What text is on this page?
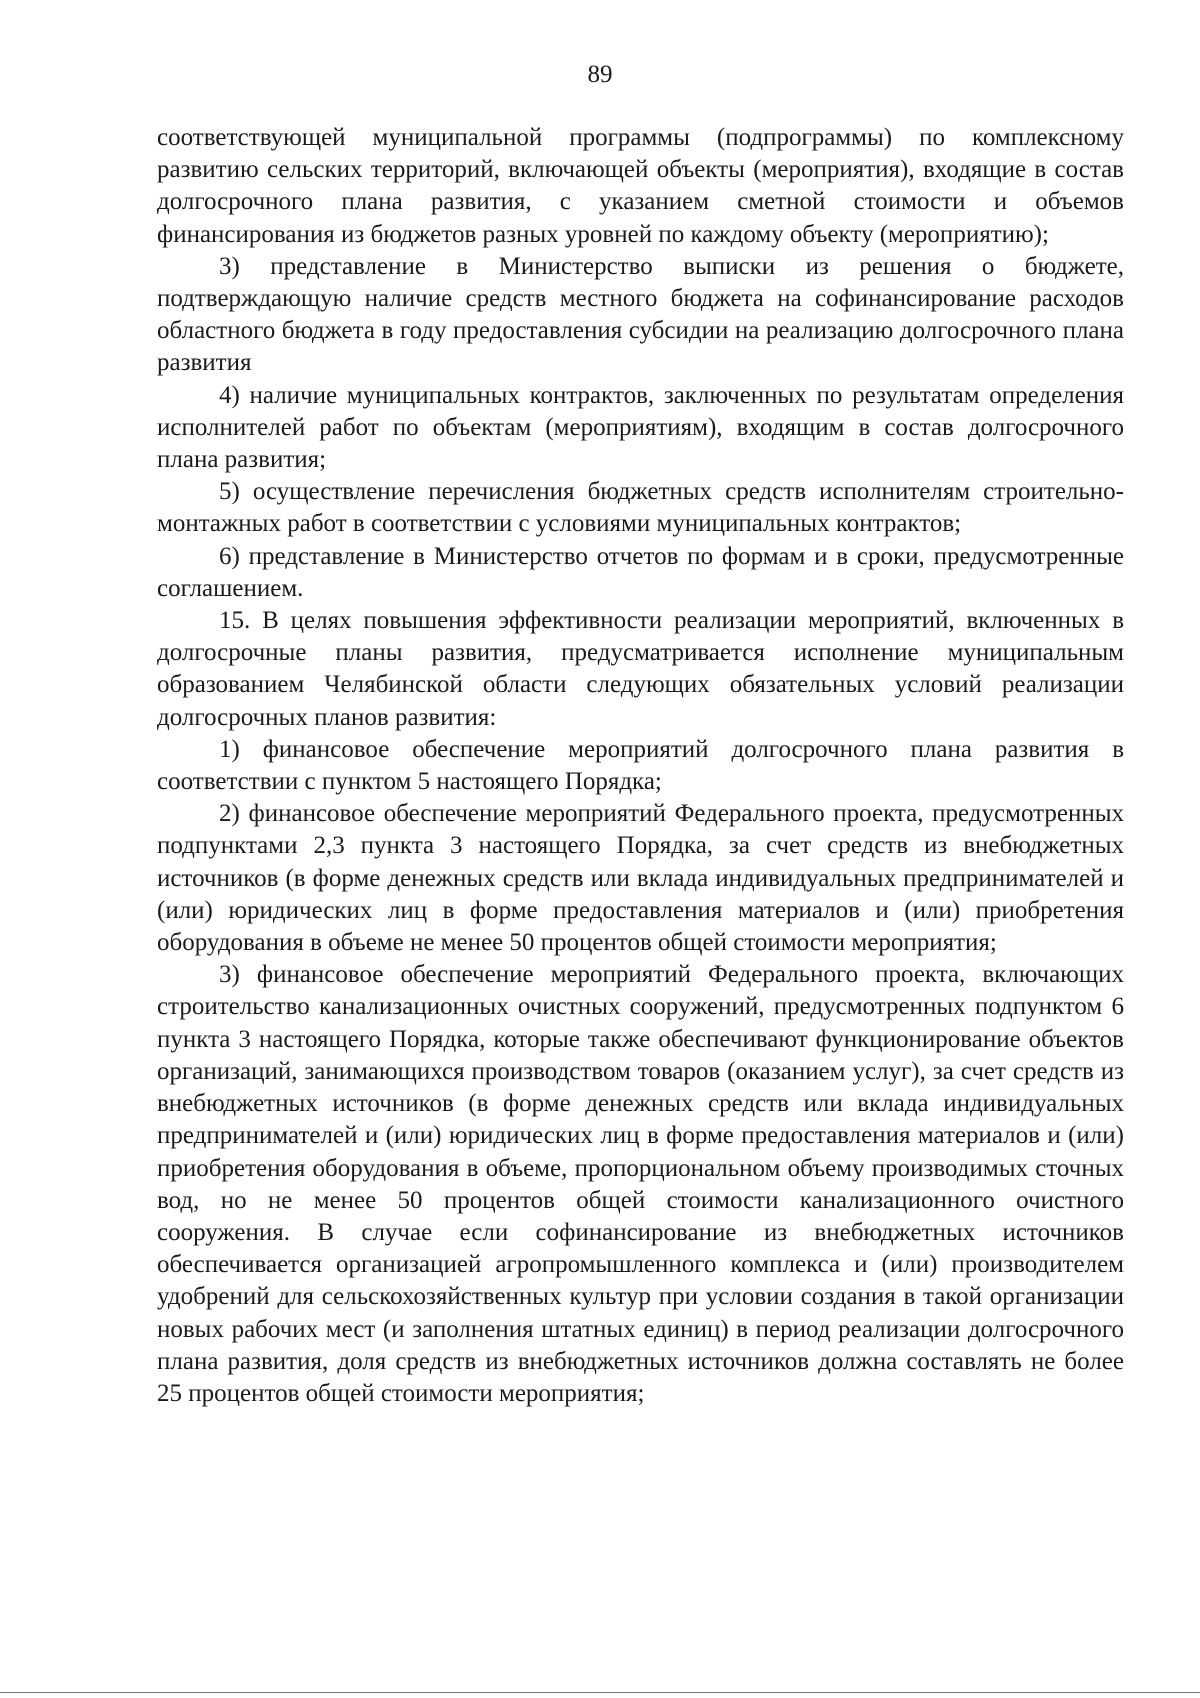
89

соответствующей муниципальной программы (подпрограммы) по комплексному развитию сельских территорий, включающей объекты (мероприятия), входящие в состав долгосрочного плана развития, с указанием сметной стоимости и объемов финансирования из бюджетов разных уровней по каждому объекту (мероприятию);

3) представление в Министерство выписки из решения о бюджете, подтверждающую наличие средств местного бюджета на софинансирование расходов областного бюджета в году предоставления субсидии на реализацию долгосрочного плана развития

4) наличие муниципальных контрактов, заключенных по результатам определения исполнителей работ по объектам (мероприятиям), входящим в состав долгосрочного плана развития;

5) осуществление перечисления бюджетных средств исполнителям строительно-монтажных работ в соответствии с условиями муниципальных контрактов;

6) представление в Министерство отчетов по формам и в сроки, предусмотренные соглашением.

15. В целях повышения эффективности реализации мероприятий, включенных в долгосрочные планы развития, предусматривается исполнение муниципальным образованием Челябинской области следующих обязательных условий реализации долгосрочных планов развития:

1) финансовое обеспечение мероприятий долгосрочного плана развития в соответствии с пунктом 5 настоящего Порядка;

2) финансовое обеспечение мероприятий Федерального проекта, предусмотренных подпунктами 2,3 пункта 3 настоящего Порядка, за счет средств из внебюджетных источников (в форме денежных средств или вклада индивидуальных предпринимателей и (или) юридических лиц в форме предоставления материалов и (или) приобретения оборудования в объеме не менее 50 процентов общей стоимости мероприятия;

3) финансовое обеспечение мероприятий Федерального проекта, включающих строительство канализационных очистных сооружений, предусмотренных подпунктом 6 пункта 3 настоящего Порядка, которые также обеспечивают функционирование объектов организаций, занимающихся производством товаров (оказанием услуг), за счет средств из внебюджетных источников (в форме денежных средств или вклада индивидуальных предпринимателей и (или) юридических лиц в форме предоставления материалов и (или) приобретения оборудования в объеме, пропорциональном объему производимых сточных вод, но не менее 50 процентов общей стоимости канализационного очистного сооружения. В случае если софинансирование из внебюджетных источников обеспечивается организацией агропромышленного комплекса и (или) производителем удобрений для сельскохозяйственных культур при условии создания в такой организации новых рабочих мест (и заполнения штатных единиц) в период реализации долгосрочного плана развития, доля средств из внебюджетных источников должна составлять не более 25 процентов общей стоимости мероприятия;
